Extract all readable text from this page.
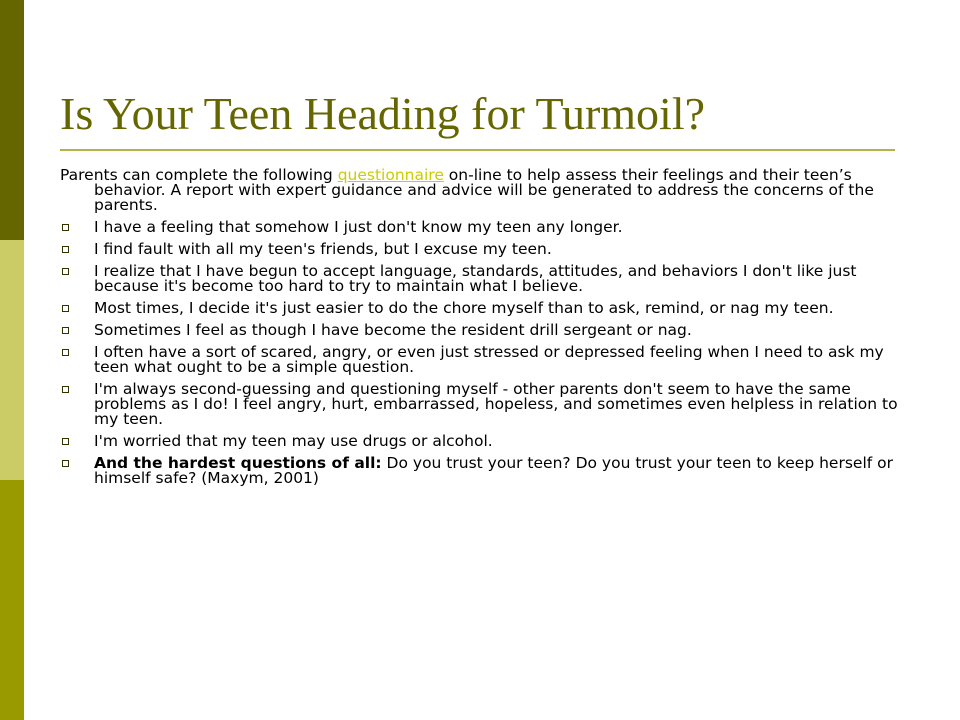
Is Your Teen Heading for Turmoil?

Parents can complete the following questionnaire on-line to help assess their feelings and their teen’s behavior. A report with expert guidance and advice will be generated to address the concerns of the parents.

I have a feeling that somehow I just don't know my teen any longer.
I find fault with all my teen's friends, but I excuse my teen.
I realize that I have begun to accept language, standards, attitudes, and behaviors I don't like just because it's become too hard to try to maintain what I believe.
Most times, I decide it's just easier to do the chore myself than to ask, remind, or nag my teen.
Sometimes I feel as though I have become the resident drill sergeant or nag.
I often have a sort of scared, angry, or even just stressed or depressed feeling when I need to ask my teen what ought to be a simple question.
I'm always second-guessing and questioning myself - other parents don't seem to have the same problems as I do! I feel angry, hurt, embarrassed, hopeless, and sometimes even helpless in relation to my teen.
I'm worried that my teen may use drugs or alcohol.
And the hardest questions of all: Do you trust your teen? Do you trust your teen to keep herself or himself safe? (Maxym, 2001)
